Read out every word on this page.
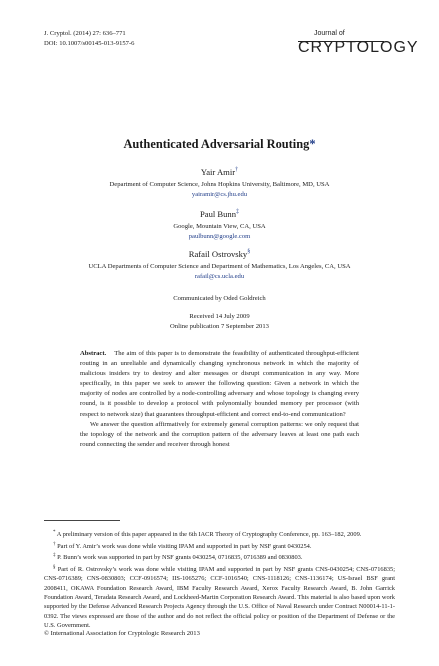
J. Cryptol. (2014) 27: 636–771
DOI: 10.1007/s00145-013-9157-6
Journal of
CRYPTOLOGY
Authenticated Adversarial Routing*
Yair Amir†
Department of Computer Science, Johns Hopkins University, Baltimore, MD, USA
yairamir@cs.jhu.edu
Paul Bunn‡
Google, Mountain View, CA, USA
paulbunn@google.com
Rafail Ostrovsky§
UCLA Departments of Computer Science and Department of Mathematics, Los Angeles, CA, USA
rafail@cs.ucla.edu
Communicated by Oded Goldreich
Received 14 July 2009
Online publication 7 September 2013

Abstract. The aim of this paper is to demonstrate the feasibility of authenticated throughput-efficient routing in an unreliable and dynamically changing synchronous network in which the majority of malicious insiders try to destroy and alter messages or disrupt communication in any way. More specifically, in this paper we seek to answer the following question: Given a network in which the majority of nodes are controlled by a node-controlling adversary and whose topology is changing every round, is it possible to develop a protocol with polynomially bounded memory per processor (with respect to network size) that guarantees throughput-efficient and correct end-to-end communication?

We answer the question affirmatively for extremely general corruption patterns: we only request that the topology of the network and the corruption pattern of the adversary leaves at least one path each round connecting the sender and receiver through honest

* A preliminary version of this paper appeared in the 6th IACR Theory of Cryptography Conference, pp. 163–182, 2009.

† Part of Y. Amir’s work was done while visiting IPAM and supported in part by NSF grant 0430254.

‡ P. Bunn’s work was supported in part by NSF grants 0430254, 0716835, 0716389 and 0830803.

§ Part of R. Ostrovsky’s work was done while visiting IPAM and supported in part by NSF grants CNS-0430254; CNS-0716835; CNS-0716389; CNS-0830803; CCF-0916574; IIS-1065276; CCF-1016540; CNS-1118126; CNS-1136174; US-Israel BSF grant 2008411, OKAWA Foundation Research Award, IBM Faculty Research Award, Xerox Faculty Research Award, B. John Garrick Foundation Award, Teradata Research Award, and Lockheed-Martin Corporation Research Award. This material is also based upon work supported by the Defense Advanced Research Projects Agency through the U.S. Office of Naval Research under Contract N00014-11-1-0392. The views expressed are those of the author and do not reflect the official policy or position of the Department of Defense or the U.S. Government.

© International Association for Cryptologic Research 2013
